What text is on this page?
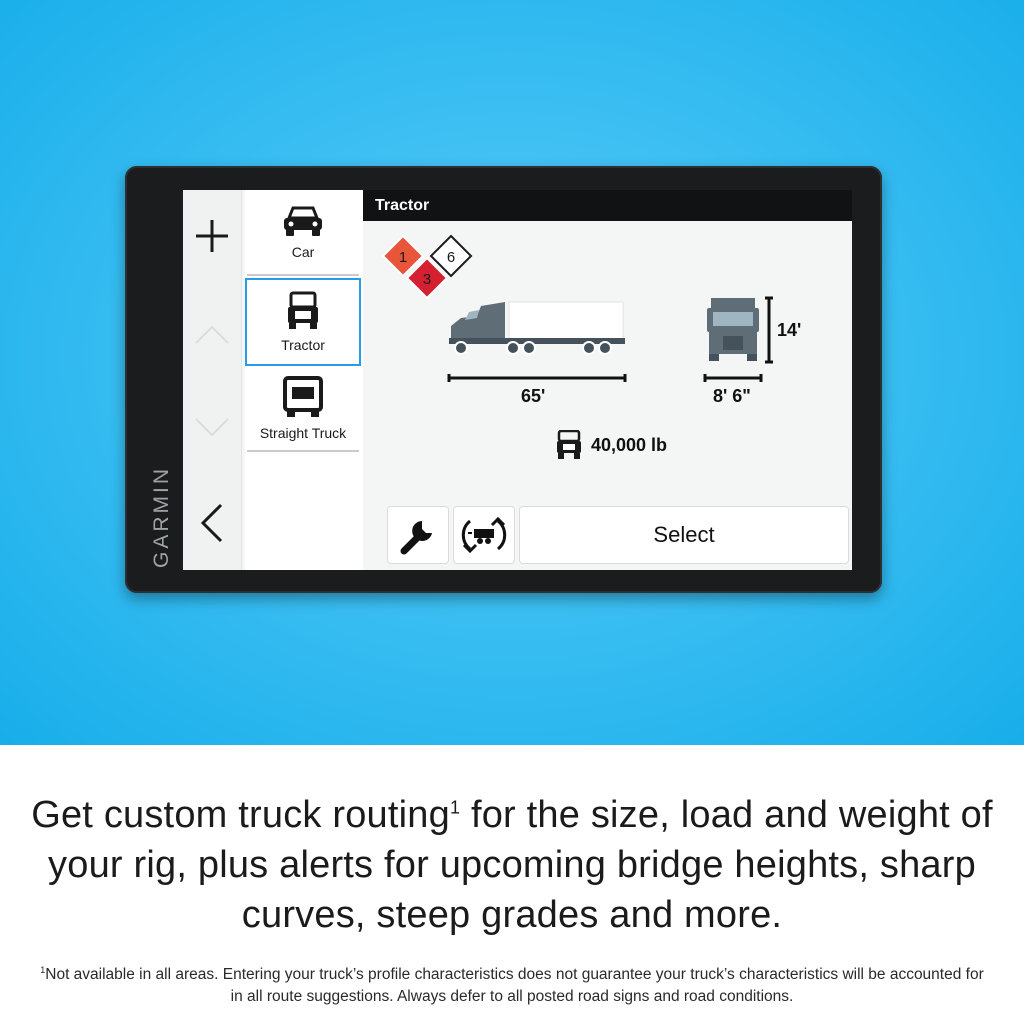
GARMIN
Car
Tractor
Straight Truck
Tractor
1	6
3
65'
14'
8' 6"
40,000 lb
Select
Get custom truck routing$^1$ for the size, load and weight of your rig, plus alerts for upcoming bridge heights, sharp curves, steep grades and more.
$^1$Not available in all areas. Entering your truck’s profile characteristics does not guarantee your truck’s characteristics will be accounted for in all route suggestions. Always defer to all posted road signs and road conditions.
